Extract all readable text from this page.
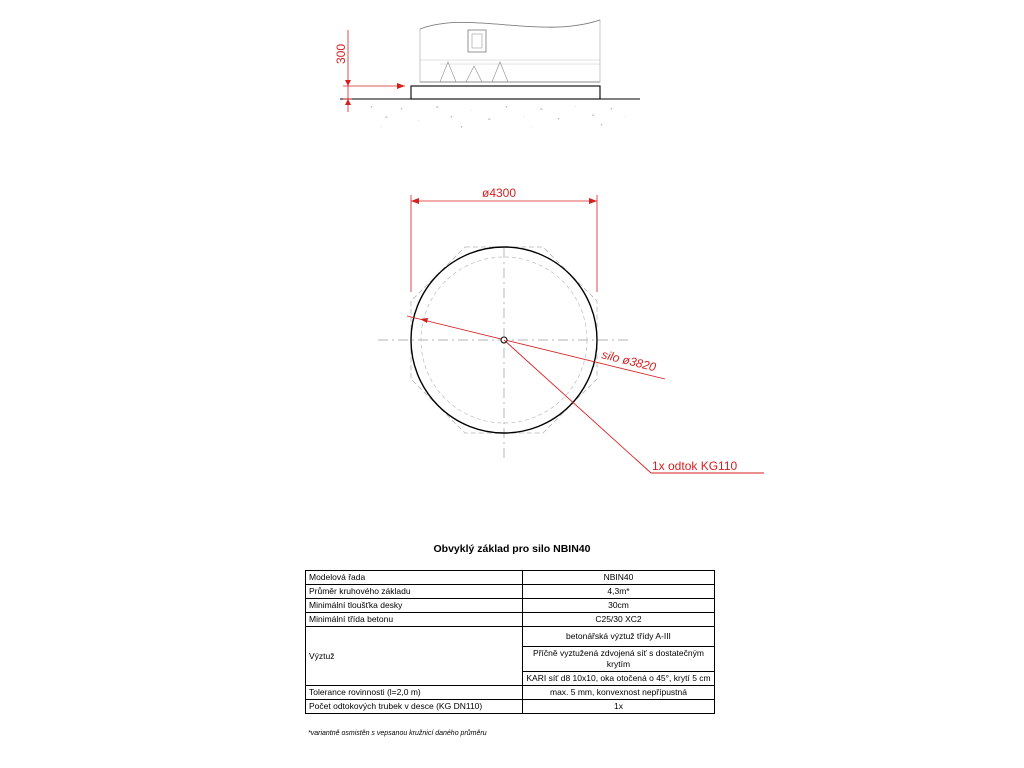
∘
▵
∘
·
▵
∘
·
▵
∘
·
▵
∘
·
▵
∘
·
·	∘	·	∘
300
ø4300
silo ø3820
1x odtok KG110
Obvyklý základ pro silo NBIN40
Modelová řada	NBIN40
Průměr kruhového základu	4,3m*
Minimální tloušťka desky	30cm
Minimální třída betonu	C25/30 XC2
Výztuž	betonářská výztuž třídy A-III
	Příčně vyztužená zdvojená síť s dostatečným krytím
	KARI síť d8 10x10, oka otočená o 45°, krytí 5 cm
Tolerance rovinnosti (l=2,0 m)	max. 5 mm, konvexnost nepřípustná
Počet odtokových trubek v desce (KG DN110)	1x
*variantně osmistěn s vepsanou kružnicí daného průměru
